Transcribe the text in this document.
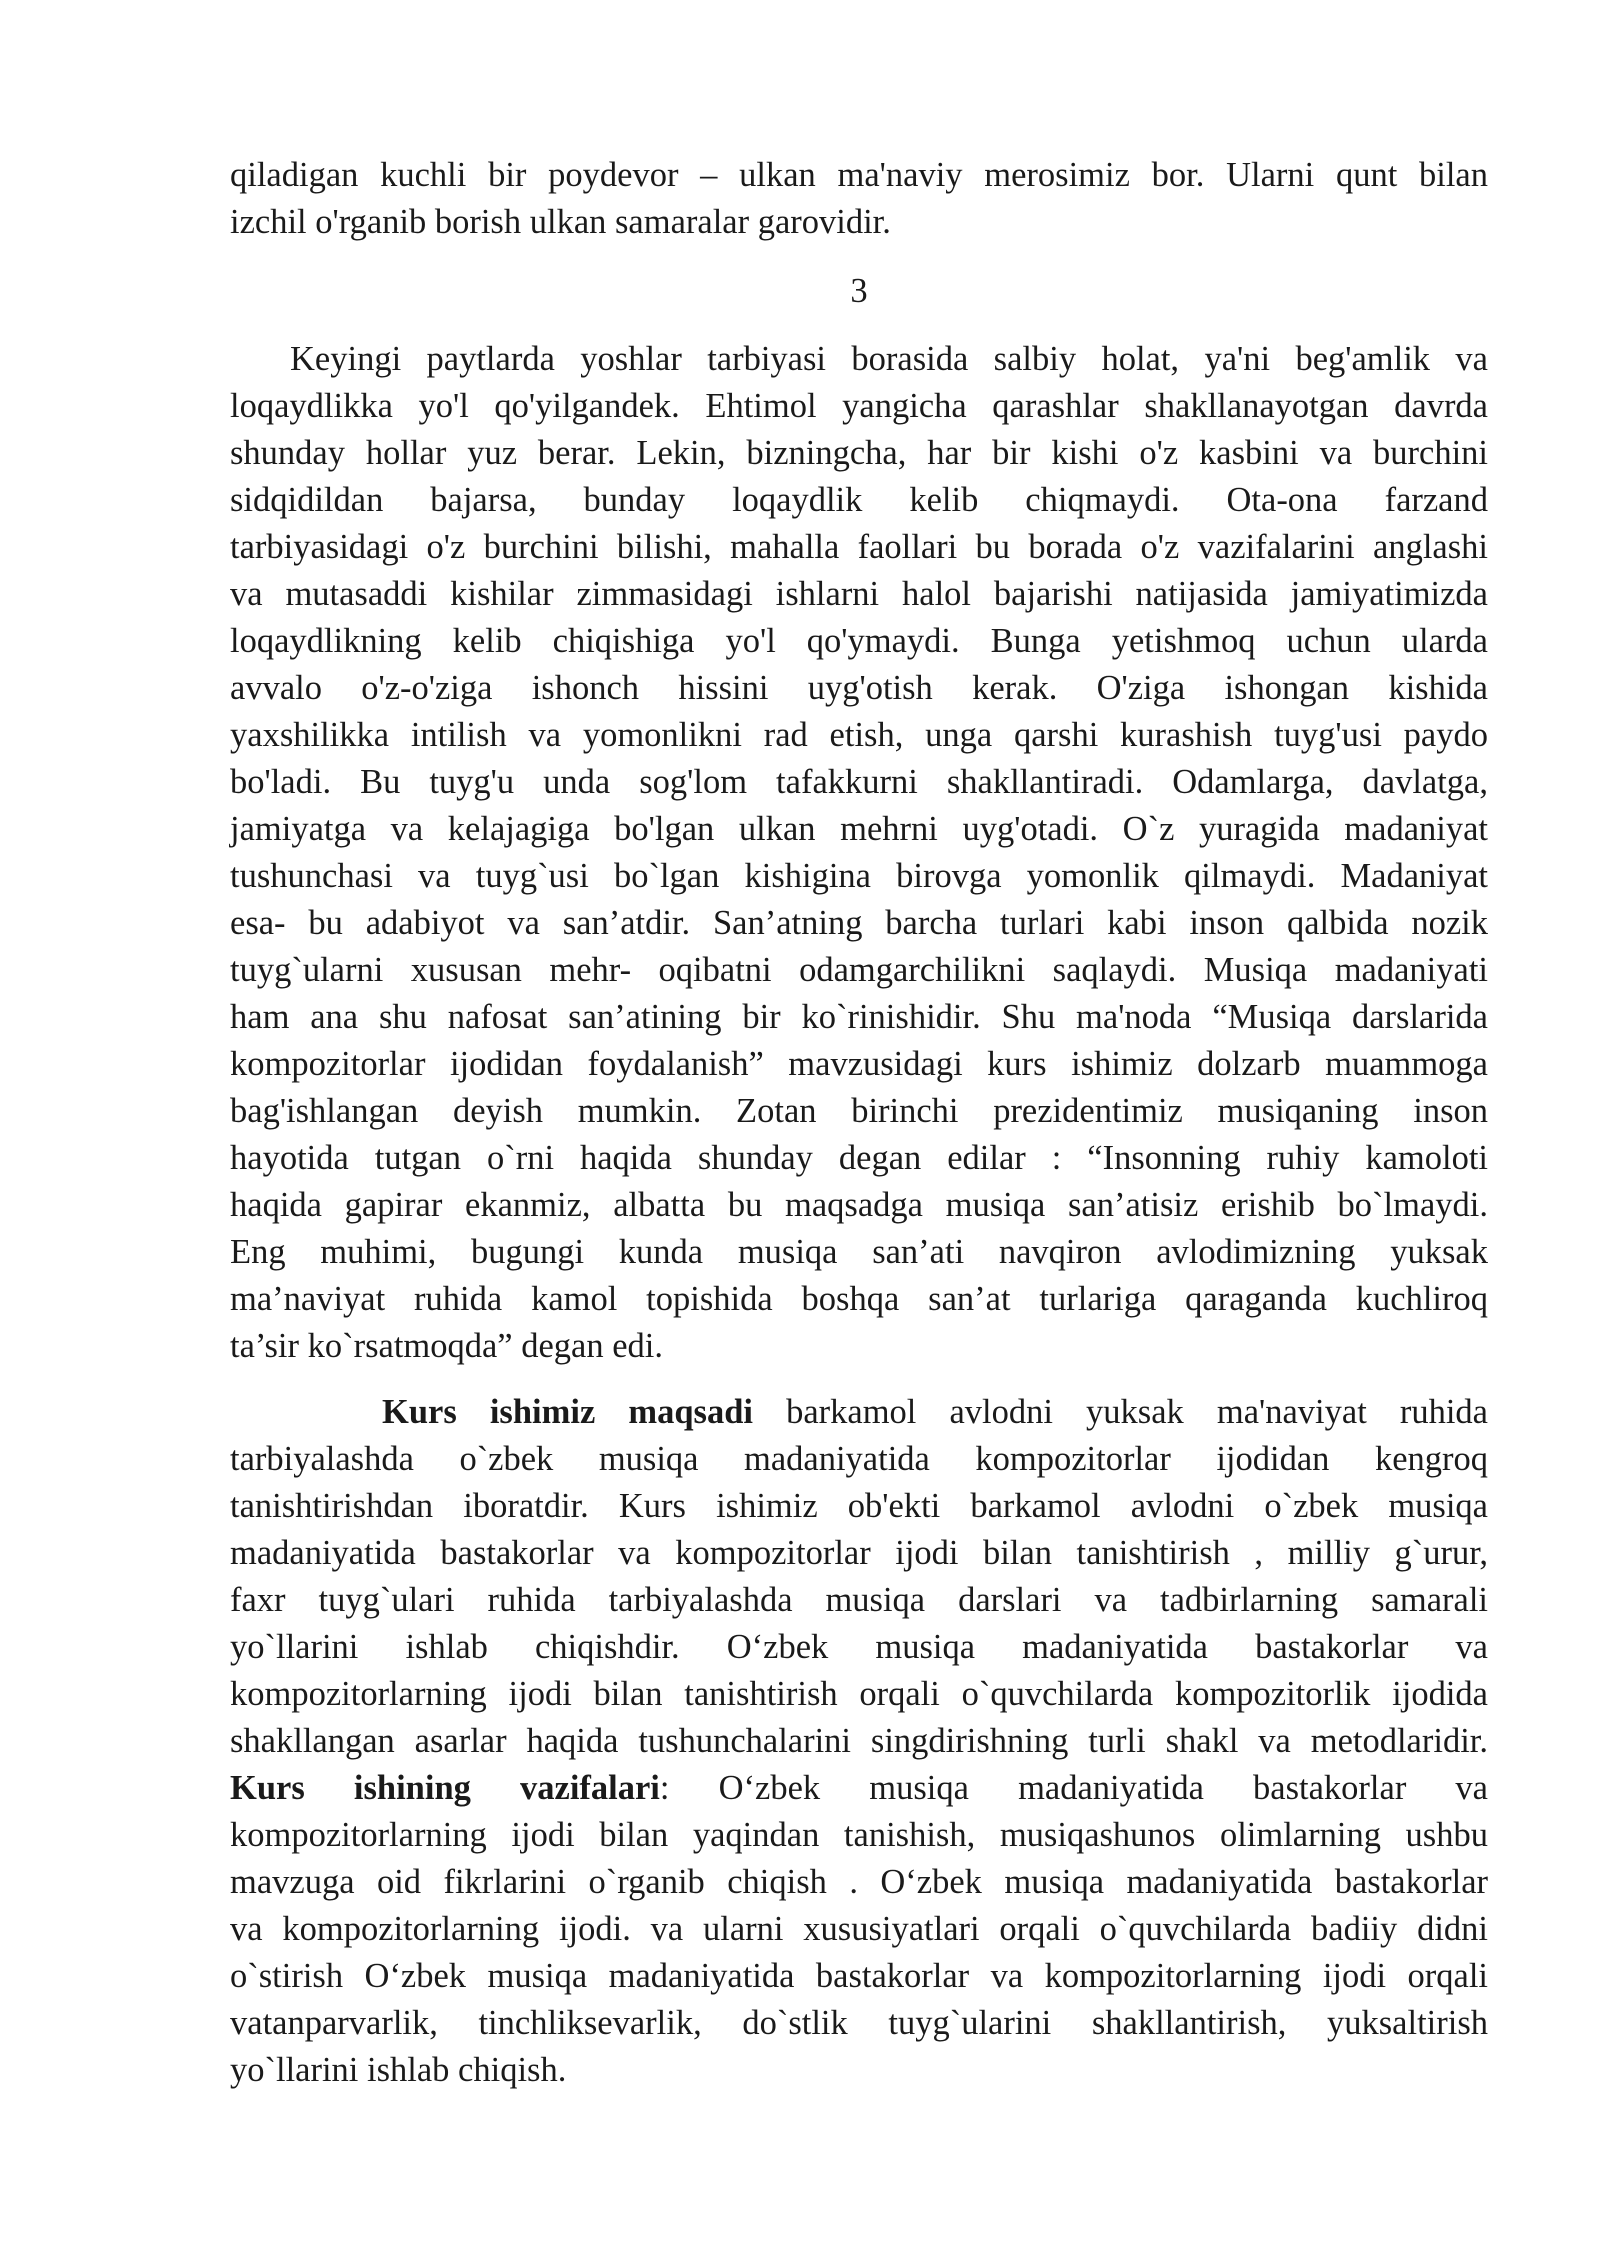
qiladigan kuchli bir poydevor – ulkan ma'naviy merosimiz bor. Ularni qunt bilan
izchil o'rganib borish ulkan samaralar garovidir.
3
Keyingi paytlarda yoshlar tarbiyasi borasida salbiy holat, ya'ni beg'amlik va
loqaydlikka yo'l qo'yilgandek. Ehtimol yangicha qarashlar shakllanayotgan davrda
shunday hollar yuz berar. Lekin, bizningcha, har bir kishi o'z kasbini va burchini
sidqidildan bajarsa, bunday loqaydlik kelib chiqmaydi. Ota-ona farzand
tarbiyasidagi o'z burchini bilishi, mahalla faollari bu borada o'z vazifalarini anglashi
va mutasaddi kishilar zimmasidagi ishlarni halol bajarishi natijasida jamiyatimizda
loqaydlikning kelib chiqishiga yo'l qo'ymaydi. Bunga yetishmoq uchun ularda
avvalo o'z-o'ziga ishonch hissini uyg'otish kerak. O'ziga ishongan kishida
yaxshilikka intilish va yomonlikni rad etish, unga qarshi kurashish tuyg'usi paydo
bo'ladi. Bu tuyg'u unda sog'lom tafakkurni shakllantiradi. Odamlarga, davlatga,
jamiyatga va kelajagiga bo'lgan ulkan mehrni uyg'otadi. O`z yuragida madaniyat
tushunchasi va tuyg`usi bo`lgan kishigina birovga yomonlik qilmaydi. Madaniyat
esa- bu adabiyot va san’atdir. San’atning barcha turlari kabi inson qalbida nozik
tuyg`ularni xususan mehr- oqibatni odamgarchilikni saqlaydi. Musiqa madaniyati
ham ana shu nafosat san’atining bir ko`rinishidir. Shu ma'noda “Musiqa darslarida
kompozitorlar ijodidan foydalanish” mavzusidagi kurs ishimiz dolzarb muammoga
bag'ishlangan deyish mumkin. Zotan birinchi prezidentimiz musiqaning inson
hayotida tutgan o`rni haqida shunday degan edilar : “Insonning ruhiy kamoloti
haqida gapirar ekanmiz, albatta bu maqsadga musiqa san’atisiz erishib bo`lmaydi.
Eng muhimi, bugungi kunda musiqa san’ati navqiron avlodimizning yuksak
ma’naviyat ruhida kamol topishida boshqa san’at turlariga qaraganda kuchliroq
ta’sir ko`rsatmoqda” degan edi.
Kurs ishimiz maqsadi barkamol avlodni yuksak ma'naviyat ruhida
tarbiyalashda o`zbek musiqa madaniyatida kompozitorlar ijodidan kengroq
tanishtirishdan iboratdir. Kurs ishimiz ob'ekti barkamol avlodni o`zbek musiqa
madaniyatida bastakorlar va kompozitorlar ijodi bilan tanishtirish , milliy g`urur,
faxr tuyg`ulari ruhida tarbiyalashda musiqa darslari va tadbirlarning samarali
yo`llarini ishlab chiqishdir. O‘zbek musiqa madaniyatida bastakorlar va
kompozitorlarning ijodi bilan tanishtirish orqali o`quvchilarda kompozitorlik ijodida
shakllangan asarlar haqida tushunchalarini singdirishning turli shakl va metodlaridir.
Kurs ishining vazifalari: O‘zbek musiqa madaniyatida bastakorlar va
kompozitorlarning ijodi bilan yaqindan tanishish, musiqashunos olimlarning ushbu
mavzuga oid fikrlarini o`rganib chiqish . O‘zbek musiqa madaniyatida bastakorlar
va kompozitorlarning ijodi. va ularni xususiyatlari orqali o`quvchilarda badiiy didni
o`stirish O‘zbek musiqa madaniyatida bastakorlar va kompozitorlarning ijodi orqali
vatanparvarlik, tinchliksevarlik, do`stlik tuyg`ularini shakllantirish, yuksaltirish
yo`llarini ishlab chiqish.
